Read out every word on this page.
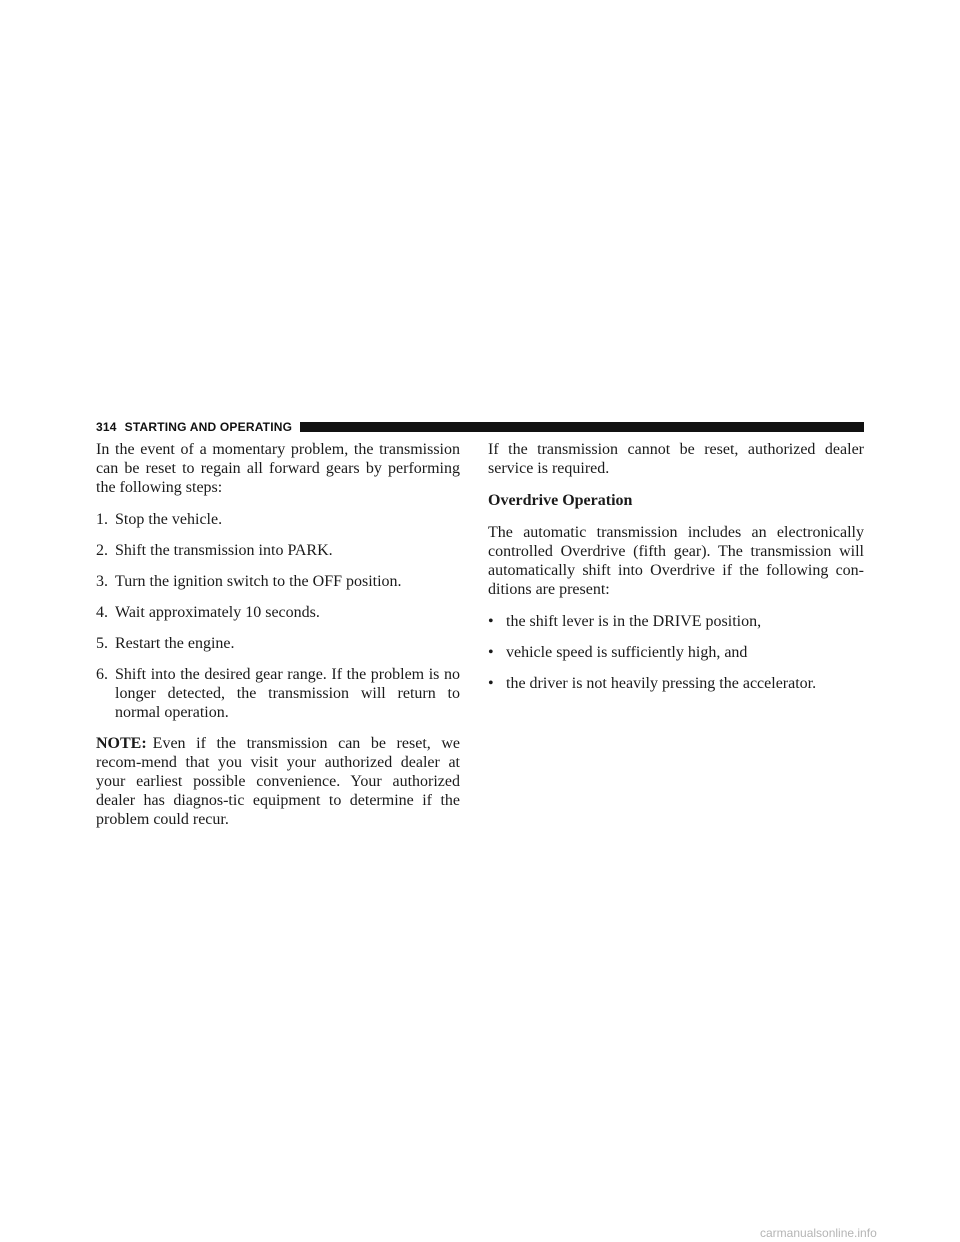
314 STARTING AND OPERATING

In the event of a momentary problem, the transmission can be reset to regain all forward gears by performing the following steps:

1. Stop the vehicle.
2. Shift the transmission into PARK.
3. Turn the ignition switch to the OFF position.
4. Wait approximately 10 seconds.
5. Restart the engine.
6. Shift into the desired gear range. If the problem is no longer detected, the transmission will return to normal operation.

NOTE: Even if the transmission can be reset, we recom-mend that you visit your authorized dealer at your earliest possible convenience. Your authorized dealer has diagnos-tic equipment to determine if the problem could recur.

If the transmission cannot be reset, authorized dealer service is required.

Overdrive Operation

The automatic transmission includes an electronically controlled Overdrive (fifth gear). The transmission will automatically shift into Overdrive if the following con-ditions are present:

•
the shift lever is in the DRIVE position,
•
vehicle speed is sufficiently high, and
•
the driver is not heavily pressing the accelerator.
carmanualsonline.info
